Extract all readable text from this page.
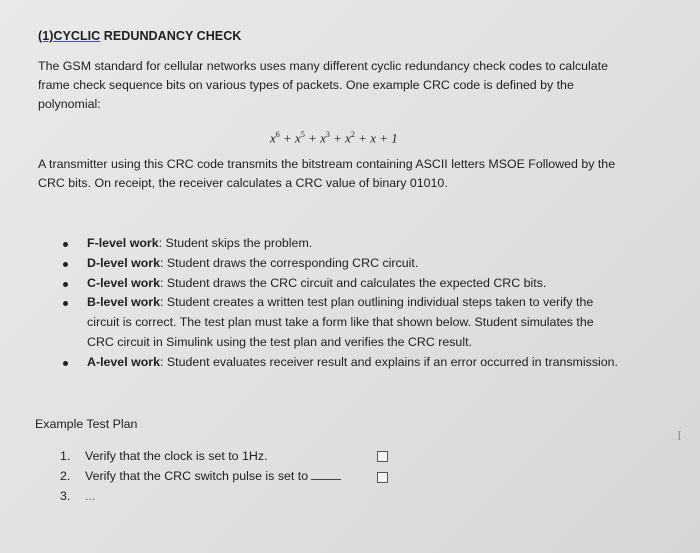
(1)CYCLIC REDUNDANCY CHECK
The GSM standard for cellular networks uses many different cyclic redundancy check codes to calculate
frame check sequence bits on various types of packets. One example CRC code is defined by the
polynomial:
$x^6 + x^5 + x^3 + x^2 + x + 1$
A transmitter using this CRC code transmits the bitstream containing ASCII letters MSOE Followed by the
CRC bits. On receipt, the receiver calculates a CRC value of binary 01010.
F-level work: Student skips the problem.
D-level work: Student draws the corresponding CRC circuit.
C-level work: Student draws the CRC circuit and calculates the expected CRC bits.
B-level work: Student creates a written test plan outlining individual steps taken to verify the
circuit is correct. The test plan must take a form like that shown below. Student simulates the
CRC circuit in Simulink using the test plan and verifies the CRC result.
A-level work: Student evaluates receiver result and explains if an error occurred in transmission.
Example Test Plan
1. Verify that the clock is set to 1Hz.
2. Verify that the CRC switch pulse is set to
3. ...
I
